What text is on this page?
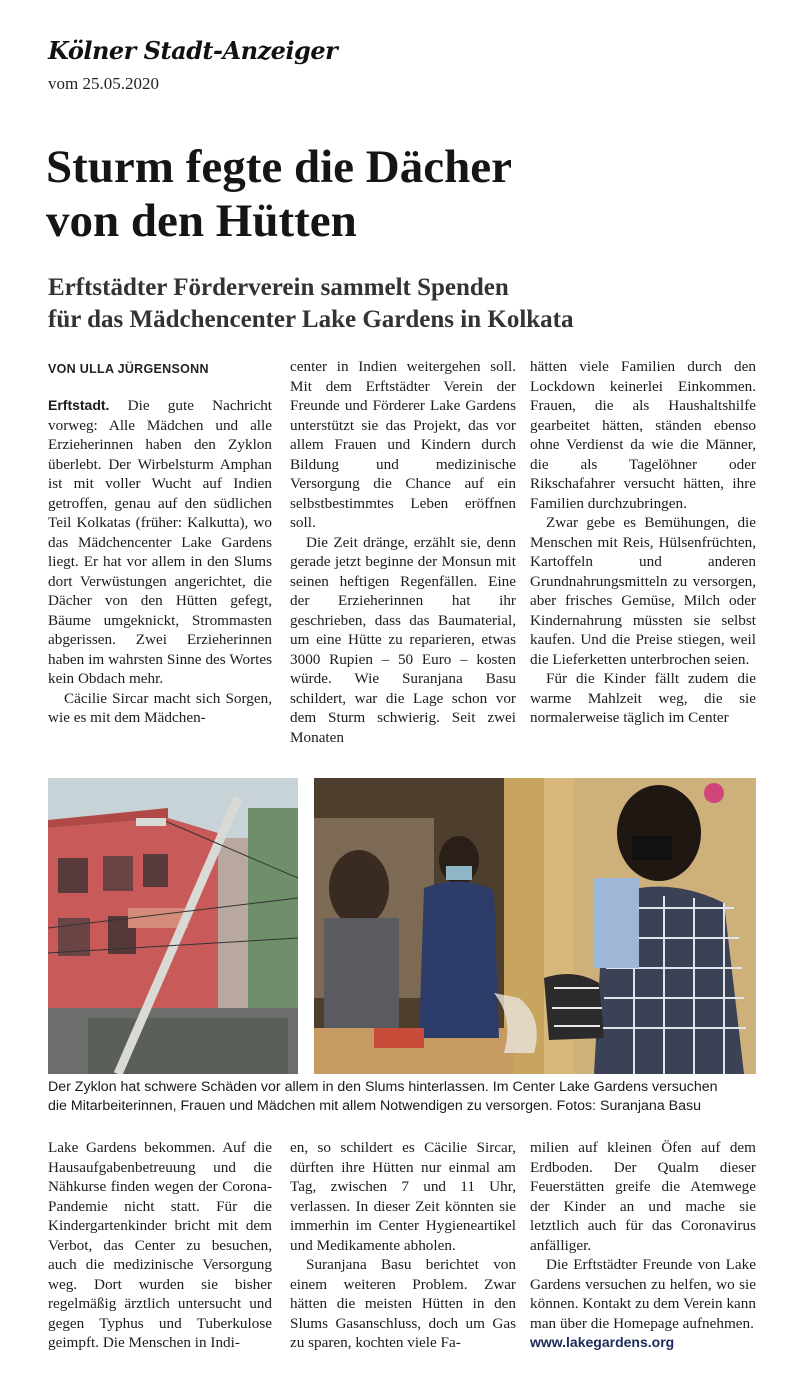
Kölner Stadt-Anzeiger
vom 25.05.2020
Sturm fegte die Dächer
von den Hütten
Erftstädter Förderverein sammelt Spenden
für das Mädchencenter Lake Gardens in Kolkata
VON ULLA JÜRGENSONN

Erftstadt. Die gute Nachricht vorweg: Alle Mädchen und alle Erzieherinnen haben den Zyklon überlebt. Der Wirbelsturm Amphan ist mit voller Wucht auf Indien getroffen, genau auf den südlichen Teil Kolkatas (früher: Kalkutta), wo das Mädchencenter Lake Gardens liegt. Er hat vor allem in den Slums dort Verwüstungen angerichtet, die Dächer von den Hütten gefegt, Bäume umgeknickt, Strommasten abgerissen. Zwei Erzieherinnen haben im wahrsten Sinne des Wortes kein Obdach mehr.

Cäcilie Sircar macht sich Sorgen, wie es mit dem Mädchen-

center in Indien weitergehen soll. Mit dem Erftstädter Verein der Freunde und Förderer Lake Gardens unterstützt sie das Projekt, das vor allem Frauen und Kindern durch Bildung und medizinische Versorgung die Chance auf ein selbstbestimmtes Leben eröffnen soll.

Die Zeit dränge, erzählt sie, denn gerade jetzt beginne der Monsun mit seinen heftigen Regenfällen. Eine der Erzieherinnen hat ihr geschrieben, dass das Baumaterial, um eine Hütte zu reparieren, etwas 3000 Rupien – 50 Euro – kosten würde. Wie Suranjana Basu schildert, war die Lage schon vor dem Sturm schwierig. Seit zwei Monaten

hätten viele Familien durch den Lockdown keinerlei Einkommen. Frauen, die als Haushaltshilfe gearbeitet hätten, ständen ebenso ohne Verdienst da wie die Männer, die als Tagelöhner oder Rikschafahrer versucht hätten, ihre Familien durchzubringen.

Zwar gebe es Bemühungen, die Menschen mit Reis, Hülsenfrüchten, Kartoffeln und anderen Grundnahrungsmitteln zu versorgen, aber frisches Gemüse, Milch oder Kindernahrung müssten sie selbst kaufen. Und die Preise stiegen, weil die Lieferketten unterbrochen seien.

Für die Kinder fällt zudem die warme Mahlzeit weg, die sie normalerweise täglich im Center

Der Zyklon hat schwere Schäden vor allem in den Slums hinterlassen. Im Center Lake Gardens versuchen
die Mitarbeiterinnen, Frauen und Mädchen mit allem Notwendigen zu versorgen. Fotos: Suranjana Basu

Lake Gardens bekommen. Auf die Hausaufgabenbetreuung und die Nähkurse finden wegen der Corona-Pandemie nicht statt. Für die Kindergartenkinder bricht mit dem Verbot, das Center zu besuchen, auch die medizinische Versorgung weg. Dort wurden sie bisher regelmäßig ärztlich untersucht und gegen Typhus und Tuberkulose geimpft. Die Menschen in Indi-

en, so schildert es Cäcilie Sircar, dürften ihre Hütten nur einmal am Tag, zwischen 7 und 11 Uhr, verlassen. In dieser Zeit könnten sie immerhin im Center Hygieneartikel und Medikamente abholen.

Suranjana Basu berichtet von einem weiteren Problem. Zwar hätten die meisten Hütten in den Slums Gasanschluss, doch um Gas zu sparen, kochten viele Fa-

milien auf kleinen Öfen auf dem Erdboden. Der Qualm dieser Feuerstätten greife die Atemwege der Kinder an und mache sie letztlich auch für das Coronavirus anfälliger.

Die Erftstädter Freunde von Lake Gardens versuchen zu helfen, wo sie können. Kontakt zu dem Verein kann man über die Homepage aufnehmen.

www.lakegardens.org
